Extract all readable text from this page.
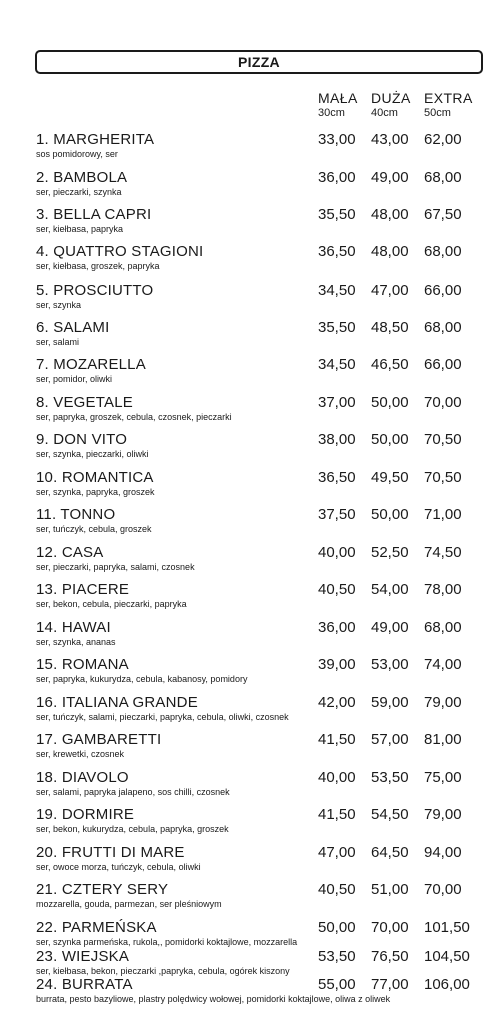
PIZZA
MAŁA
30cm
DUŻA
40cm
EXTRA
50cm
1. MARGHERITA
sos pomidorowy, ser
33,00 43,00 62,00
2. BAMBOLA
ser, pieczarki, szynka
36,00 49,00 68,00
3. BELLA CAPRI
ser, kiełbasa, papryka
35,50 48,00 67,50
4. QUATTRO STAGIONI
ser, kiełbasa, groszek, papryka
36,50 48,00 68,00
5. PROSCIUTTO
ser, szynka
34,50 47,00 66,00
6. SALAMI
ser, salami
35,50 48,50 68,00
7. MOZARELLA
ser, pomidor, oliwki
34,50 46,50 66,00
8. VEGETALE
ser, papryka, groszek, cebula, czosnek, pieczarki
37,00 50,00 70,00
9. DON VITO
ser, szynka, pieczarki, oliwki
38,00 50,00 70,50
10. ROMANTICA
ser, szynka, papryka, groszek
36,50 49,50 70,50
11. TONNO
ser, tuńczyk, cebula, groszek
37,50 50,00 71,00
12. CASA
ser, pieczarki, papryka, salami, czosnek
40,00 52,50 74,50
13. PIACERE
ser, bekon, cebula, pieczarki, papryka
40,50 54,00 78,00
14. HAWAI
ser, szynka, ananas
36,00 49,00 68,00
15. ROMANA
ser, papryka, kukurydza, cebula, kabanosy, pomidory
39,00 53,00 74,00
16. ITALIANA GRANDE
ser, tuńczyk, salami, pieczarki, papryka, cebula, oliwki, czosnek
42,00 59,00 79,00
17. GAMBARETTI
ser, krewetki, czosnek
41,50 57,00 81,00
18. DIAVOLO
ser, salami, papryka jalapeno, sos chilli, czosnek
40,00 53,50 75,00
19. DORMIRE
ser, bekon, kukurydza, cebula, papryka, groszek
41,50 54,50 79,00
20. FRUTTI DI MARE
ser, owoce morza, tuńczyk, cebula, oliwki
47,00 64,50 94,00
21. CZTERY SERY
mozzarella, gouda, parmezan, ser pleśniowym
40,50 51,00 70,00
22. PARMEŃSKA
ser, szynka parmeńska, rukola,, pomidorki koktajlowe, mozzarella
50,00 70,00 101,50
23. WIEJSKA
ser, kiełbasa, bekon, pieczarki ,papryka, cebula, ogórek kiszony
53,50 76,50 104,50
24. BURRATA
burrata, pesto bazyliowe, plastry polędwicy wołowej, pomidorki koktajlowe, oliwa z oliwek
55,00 77,00 106,00
